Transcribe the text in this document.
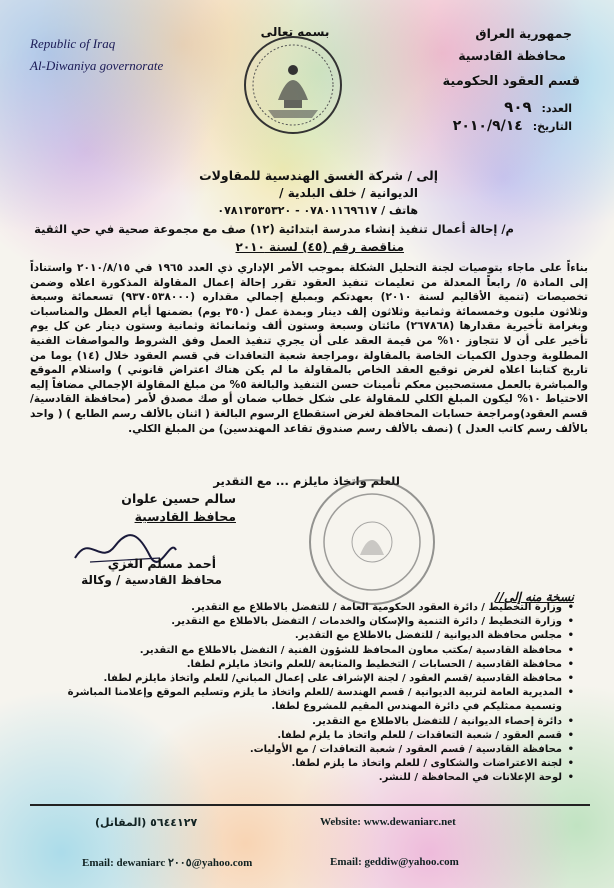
Republic of Iraq
Al-Diwaniya governorate
بسمه تعالى	جمهورية العراق
محافظة القادسية
قسم العقود الحكومية
العدد: ٩٠٩
التاريخ: ٢٠١٠/٩/١٤
إلى / شركة الغسق الهندسية للمقاولات
الديوانية / خلف البلدية /
هاتف / ٠٧٨٠١١٦٩٦١٧ - ٠٧٨١٣٥٣٥٣٢٠
م/ إحالة أعمال تنفيذ إنشاء مدرسة ابتدائية (١٢) صف مع مجموعة صحية في حي الثقية
مناقصة رقم (٤٥) لسنة ٢٠١٠
بناءاً على ماجاء بتوصيات لجنة التحليل الشكلة بموجب الأمر الإداري ذي العدد ١٩٦٥ في ٢٠١٠/٨/١٥ واستناداً إلى المادة ٥/ رابعاً المعدلة من تعليمات تنفيذ العقود تقرر إحالة إعمال المقاولة المذكورة اعلاه وضمن تخصيصات (تنمية الأقاليم لسنة ٢٠١٠) بعهدتكم وبمبلغ إجمالي مقداره (٩٣٧٠٥٣٨٠٠٠) تسعمائة وسبعة وثلاثون مليون وخمسمائة وثمانية وثلاثون إلف دينار وبمدة عمل (٣٥٠ يوم) بضمنها أيام العطل والمناسبات وبغرامة تأخيرية مقدارها (٢٦٧٨٦٨) مائتان وسبعة وستون ألف وثمانمائة وثمانية وستون دينار عن كل يوم تأخير على أن لا تتجاوز ١٠% من قيمة العقد على أن يجري تنفيذ العمل وفق الشروط والمواصفات الفنية المطلوبة وجدول الكميات الخاصة بالمقاولة ،ومراجعة شعبة التعاقدات في قسم العقود خلال (١٤) يوما من تاريخ كتابنا اعلاه لغرض توقيع العقد الخاص بالمقاولة ما لم يكن هناك اعتراض قانوني ) واستلام الموقع والمباشرة بالعمل مستصحبين معكم تأمينات حسن التنفيذ والبالغة ٥% من مبلغ المقاولة الإجمالي مضافاً إليه الاحتياط ١٠% ليكون المبلغ الكلي للمقاولة على شكل خطاب ضمان أو صك مصدق لأمر (محافظة القادسية/قسم العقود)ومراجعة حسابات المحافظة لغرض استقطاع الرسوم البالغة ( اثنان بالألف رسم الطابع ) ( واحد بالألف رسم كاتب العدل ) (نصف بالألف رسم صندوق تقاعد المهندسين) من المبلغ الكلي.
للعلم واتخاذ مايلزم ... مع التقدير
سالم حسين علوان
محافظ القادسية
أحمد مسلم الغزي
محافظ القادسية / وكالة
نسخة منه إلى//
• وزارة التخطيط / دائرة العقود الحكومية العامة / للتفضل بالاطلاع مع التقدير.
• وزارة التخطيط / دائرة التنمية والإسكان والخدمات / التفضل بالاطلاع مع التقدير.
• مجلس محافظة الديوانية / للتفضل بالاطلاع مع التقدير.
• محافظة القادسية /مكتب معاون المحافظ للشؤون الفنية / التفضل بالاطلاع مع التقدير.
• محافظة القادسية / الحسابات / التخطيط والمتابعة /للعلم واتخاذ مايلزم لطفا.
• محافظة القادسية /قسم العقود / لجنة الإشراف على إعمال المباني/ للعلم واتخاذ مايلزم لطفا.
• المديرية العامة لتربية الديوانية / قسم الهندسة /للعلم واتخاذ ما يلزم وتسليم الموقع وإعلامنا المباشرة وتسمية ممثليكم في دائرة المهندس المقيم للمشروع لطفا.
• دائرة إحصاء الديوانية / للتفضل بالاطلاع مع التقدير.
• قسم العقود / شعبة التعاقدات / للعلم واتخاذ ما يلزم لطفا.
• محافظة القادسية / قسم العقود / شعبة التعاقدات / مع الأوليات.
• لجنة الاعتراضات والشكاوى / للعلم واتخاذ ما يلزم لطفا.
• لوحة الإعلانات في المحافظة / للنشر.
٥٦٤٤١٢٧ (المقاتل)	Website: www.dewaniarc.net
Email: dewaniarc ٢٠٠٥@yahoo.com	Email: geddiw@yahoo.com
